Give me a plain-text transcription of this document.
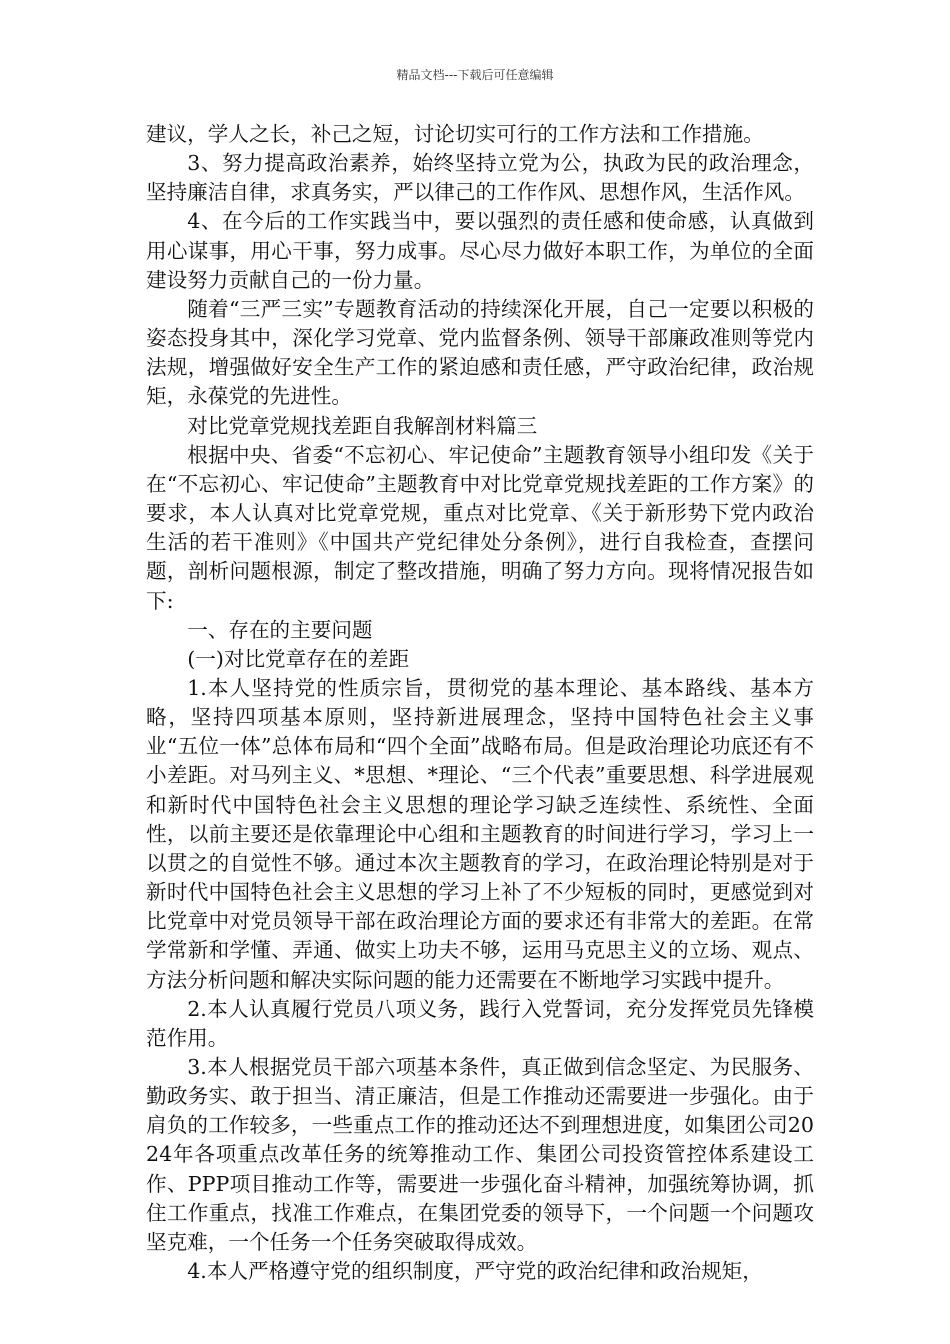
精品文档---下载后可任意编辑

建议，学人之长，补己之短，讨论切实可行的工作方法和工作措施。

3、努力提高政治素养，始终坚持立党为公，执政为民的政治理念，坚持廉洁自律，求真务实，严以律己的工作作风、思想作风，生活作风。

4、在今后的工作实践当中，要以强烈的责任感和使命感，认真做到用心谋事，用心干事，努力成事。尽心尽力做好本职工作，为单位的全面建设努力贡献自己的一份力量。

随着“三严三实”专题教育活动的持续深化开展，自己一定要以积极的姿态投身其中，深化学习党章、党内监督条例、领导干部廉政准则等党内法规，增强做好安全生产工作的紧迫感和责任感，严守政治纪律，政治规矩，永葆党的先进性。

对比党章党规找差距自我解剖材料篇三

根据中央、省委“不忘初心、牢记使命”主题教育领导小组印发《关于在“不忘初心、牢记使命”主题教育中对比党章党规找差距的工作方案》的要求，本人认真对比党章党规，重点对比党章、《关于新形势下党内政治生活的若干准则》《中国共产党纪律处分条例》，进行自我检查，查摆问题，剖析问题根源，制定了整改措施，明确了努力方向。现将情况报告如下:

一、存在的主要问题

(一)对比党章存在的差距

1.本人坚持党的性质宗旨，贯彻党的基本理论、基本路线、基本方略，坚持四项基本原则，坚持新进展理念，坚持中国特色社会主义事业“五位一体”总体布局和“四个全面”战略布局。但是政治理论功底还有不小差距。对马列主义、*思想、*理论、“三个代表”重要思想、科学进展观和新时代中国特色社会主义思想的理论学习缺乏连续性、系统性、全面性，以前主要还是依靠理论中心组和主题教育的时间进行学习，学习上一以贯之的自觉性不够。通过本次主题教育的学习，在政治理论特别是对于新时代中国特色社会主义思想的学习上补了不少短板的同时，更感觉到对比党章中对党员领导干部在政治理论方面的要求还有非常大的差距。在常学常新和学懂、弄通、做实上功夫不够，运用马克思主义的立场、观点、方法分析问题和解决实际问题的能力还需要在不断地学习实践中提升。

2.本人认真履行党员八项义务，践行入党誓词，充分发挥党员先锋模范作用。

3.本人根据党员干部六项基本条件，真正做到信念坚定、为民服务、勤政务实、敢于担当、清正廉洁，但是工作推动还需要进一步强化。由于肩负的工作较多，一些重点工作的推动还达不到理想进度，如集团公司2024年各项重点改革任务的统筹推动工作、集团公司投资管控体系建设工作、PPP项目推动工作等，需要进一步强化奋斗精神，加强统筹协调，抓住工作重点，找准工作难点，在集团党委的领导下，一个问题一个问题攻坚克难，一个任务一个任务突破取得成效。

4.本人严格遵守党的组织制度，严守党的政治纪律和政治规矩，
